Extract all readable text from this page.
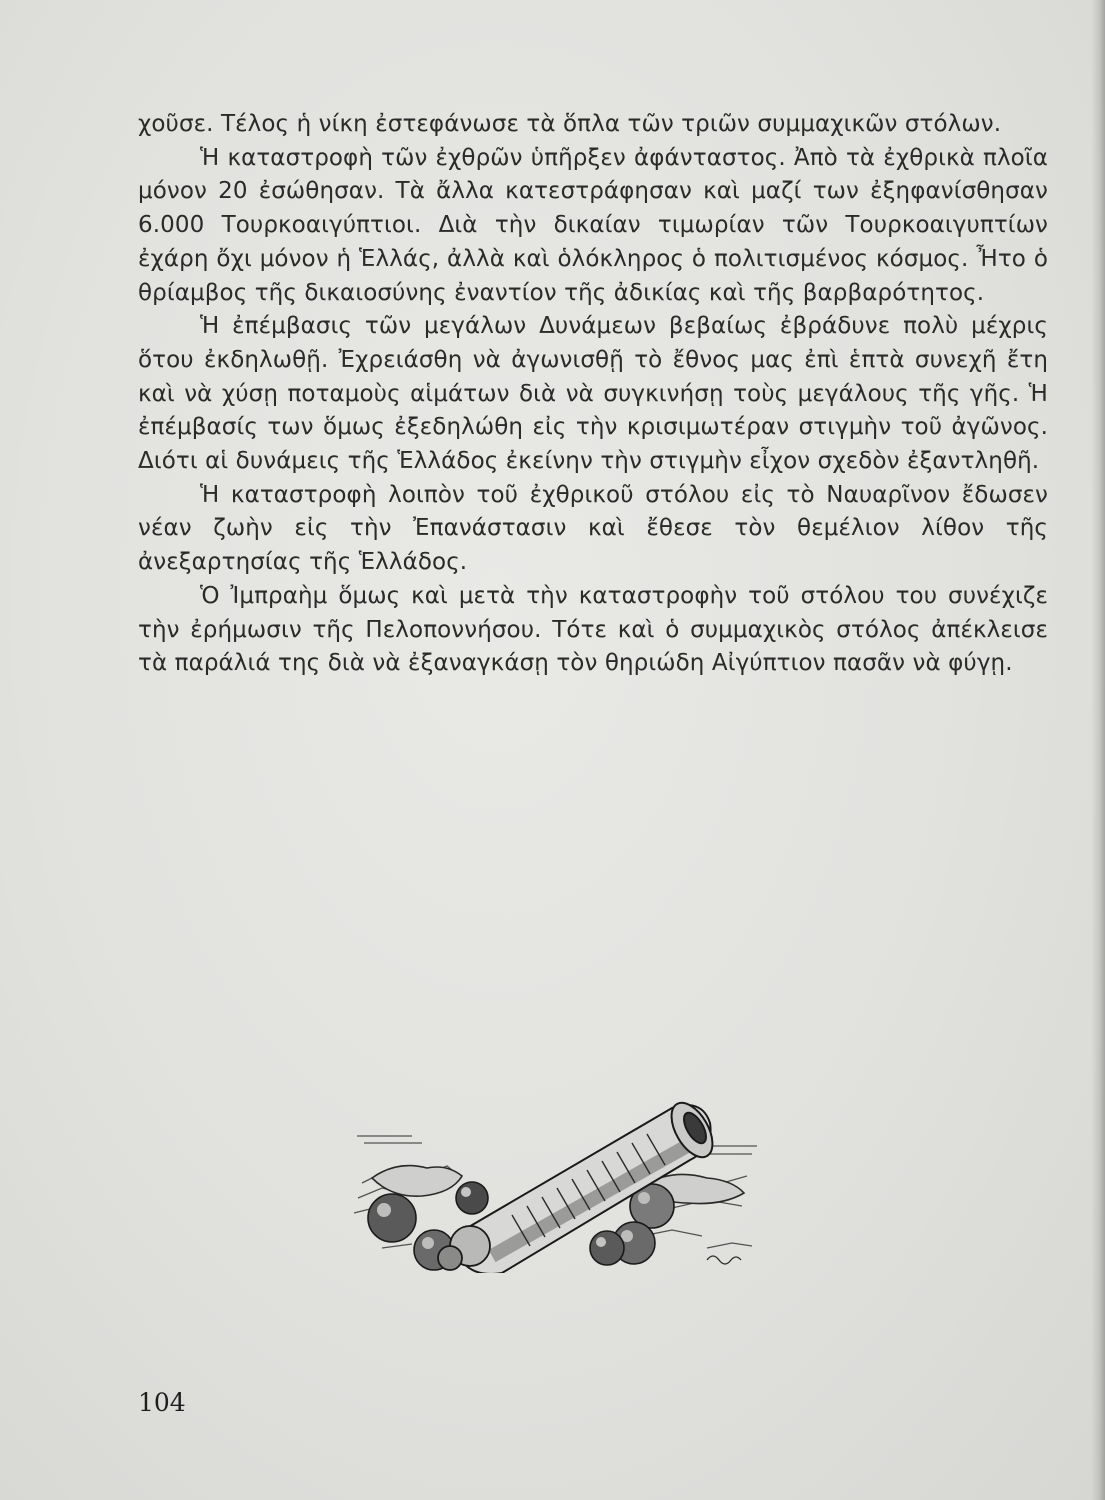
χοῦσε. Τέλος ἡ νίκη ἐστεφάνωσε τὰ ὅπλα τῶν τριῶν συμμαχικῶν στόλων.

Ἡ καταστροφὴ τῶν ἐχθρῶν ὑπῆρξεν ἀφάνταστος. Ἀπὸ τὰ ἐχθρικὰ πλοῖα μόνον 20 ἐσώθησαν. Τὰ ἄλλα κατεστράφησαν καὶ μαζί των ἐξηφανίσθησαν 6.000 Τουρκοαιγύπτιοι. Διὰ τὴν δικαίαν τιμωρίαν τῶν Τουρκοαιγυπτίων ἐχάρη ὄχι μόνον ἡ Ἑλλάς, ἀλλὰ καὶ ὁλόκληρος ὁ πολιτισμένος κόσμος. Ἦτο ὁ θρίαμβος τῆς δικαιοσύνης ἐναντίον τῆς ἀδικίας καὶ τῆς βαρβαρότητος.

Ἡ ἐπέμβασις τῶν μεγάλων Δυνάμεων βεβαίως ἐβράδυνε πολὺ μέχρις ὅτου ἐκδηλωθῇ. Ἐχρειάσθη νὰ ἀγωνισθῇ τὸ ἔθνος μας ἐπὶ ἑπτὰ συνεχῆ ἔτη καὶ νὰ χύσῃ ποταμοὺς αἱμάτων διὰ νὰ συγκινήσῃ τοὺς μεγάλους τῆς γῆς. Ἡ ἐπέμβασίς των ὅμως ἐξεδηλώθη εἰς τὴν κρισιμωτέραν στιγμὴν τοῦ ἀγῶνος. Διότι αἱ δυνάμεις τῆς Ἑλλάδος ἐκείνην τὴν στιγμὴν εἶχον σχεδὸν ἐξαντληθῆ.

Ἡ καταστροφὴ λοιπὸν τοῦ ἐχθρικοῦ στόλου εἰς τὸ Ναυαρῖνον ἔδωσεν νέαν ζωὴν εἰς τὴν Ἐπανάστασιν καὶ ἔθεσε τὸν θεμέλιον λίθον τῆς ἀνεξαρτησίας τῆς Ἑλλάδος.

Ὁ Ἰμπραὴμ ὅμως καὶ μετὰ τὴν καταστροφὴν τοῦ στόλου του συνέχιζε τὴν ἐρήμωσιν τῆς Πελοποννήσου. Τότε καὶ ὁ συμμαχικὸς στόλος ἀπέκλεισε τὰ παράλιά της διὰ νὰ ἐξαναγκάσῃ τὸν θηριώδη Αἰγύπτιον πασᾶν νὰ φύγῃ.

104
